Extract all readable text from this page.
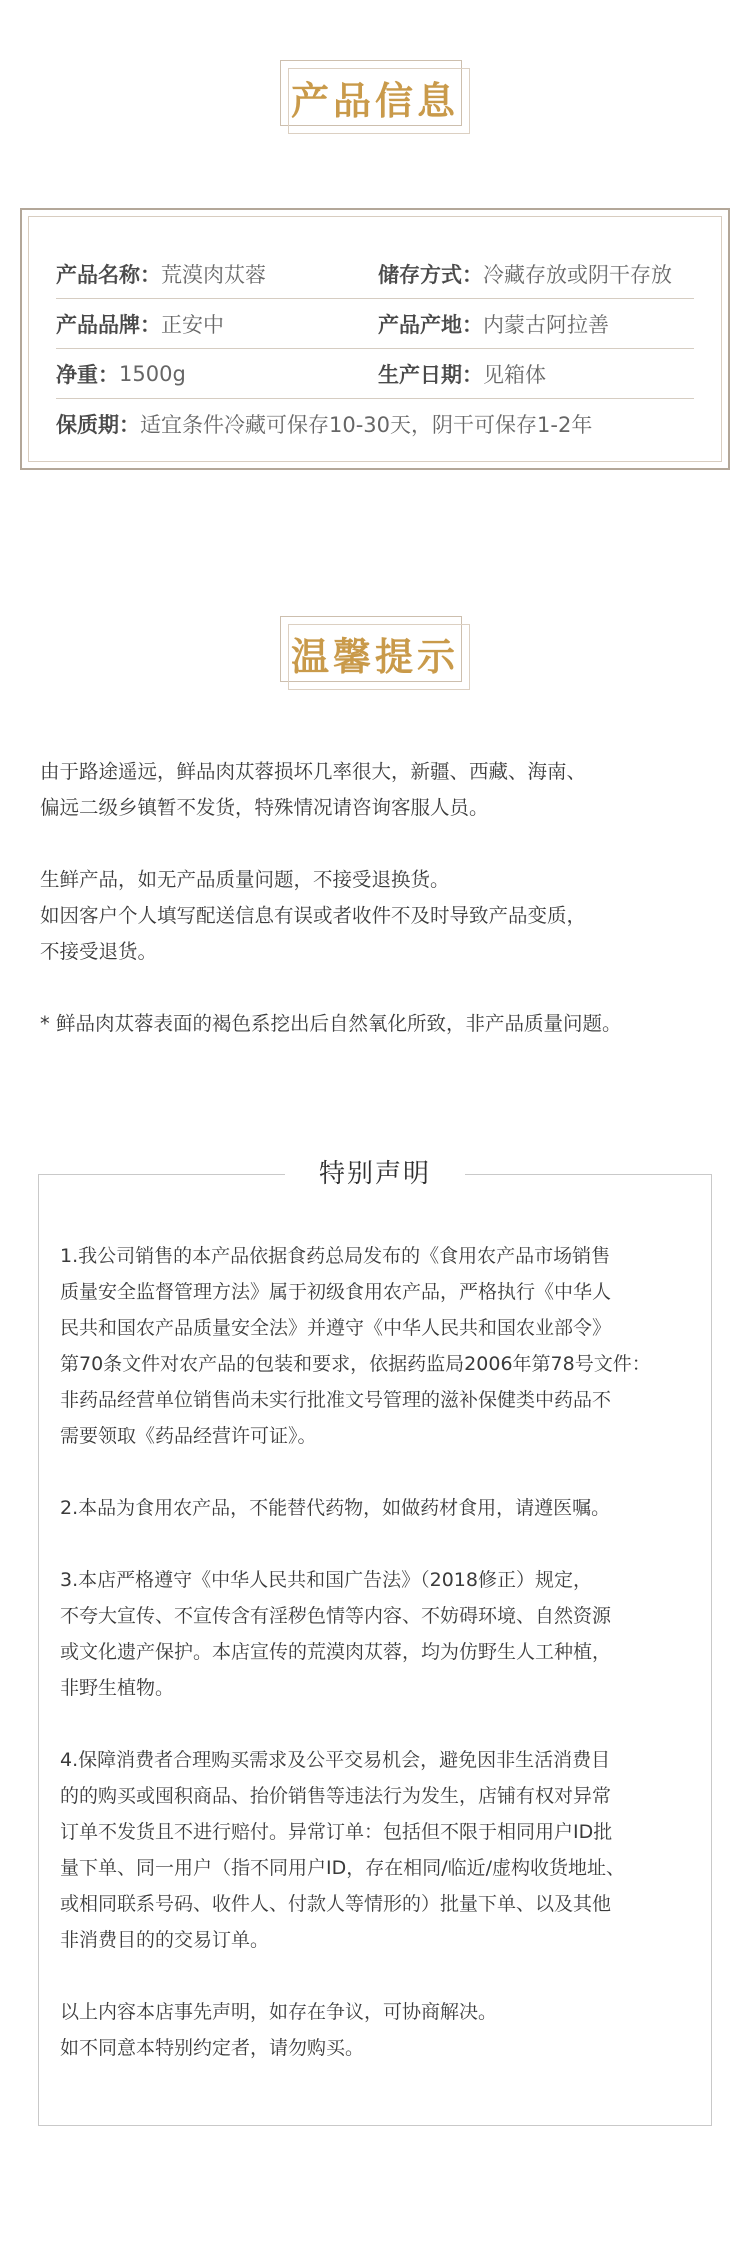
产品信息
产品名称： 荒漠肉苁蓉	储存方式： 冷藏存放或阴干存放
产品品牌： 正安中	产品产地： 内蒙古阿拉善
净重： 1500g	生产日期： 见箱体
保质期： 适宜条件冷藏可保存10-30天，阴干可保存1-2年
温馨提示

由于路途遥远，鲜品肉苁蓉损坏几率很大，新疆、西藏、海南、

偏远二级乡镇暂不发货，特殊情况请咨询客服人员。

生鲜产品，如无产品质量问题，不接受退换货。

如因客户个人填写配送信息有误或者收件不及时导致产品变质，

不接受退货。

* 鲜品肉苁蓉表面的褐色系挖出后自然氧化所致，非产品质量问题。

特别声明
1.我公司销售的本产品依据食药总局发布的《食用农产品市场销售
质量安全监督管理方法》属于初级食用农产品，严格执行《中华人
民共和国农产品质量安全法》并遵守《中华人民共和国农业部令》
第70条文件对农产品的包装和要求，依据药监局2006年第78号文件：
非药品经营单位销售尚未实行批准文号管理的滋补保健类中药品不
需要领取《药品经营许可证》。
2.本品为食用农产品，不能替代药物，如做药材食用，请遵医嘱。
3.本店严格遵守《中华人民共和国广告法》（2018修正）规定，
不夸大宣传、不宣传含有淫秽色情等内容、不妨碍环境、自然资源
或文化遗产保护。本店宣传的荒漠肉苁蓉，均为仿野生人工种植，
非野生植物。
4.保障消费者合理购买需求及公平交易机会，避免因非生活消费目
的的购买或囤积商品、抬价销售等违法行为发生，店铺有权对异常
订单不发货且不进行赔付。异常订单：包括但不限于相同用户ID批
量下单、同一用户（指不同用户ID，存在相同/临近/虚构收货地址、
或相同联系号码、收件人、付款人等情形的）批量下单、以及其他
非消费目的的交易订单。
以上内容本店事先声明，如存在争议，可协商解决。
如不同意本特别约定者，请勿购买。
